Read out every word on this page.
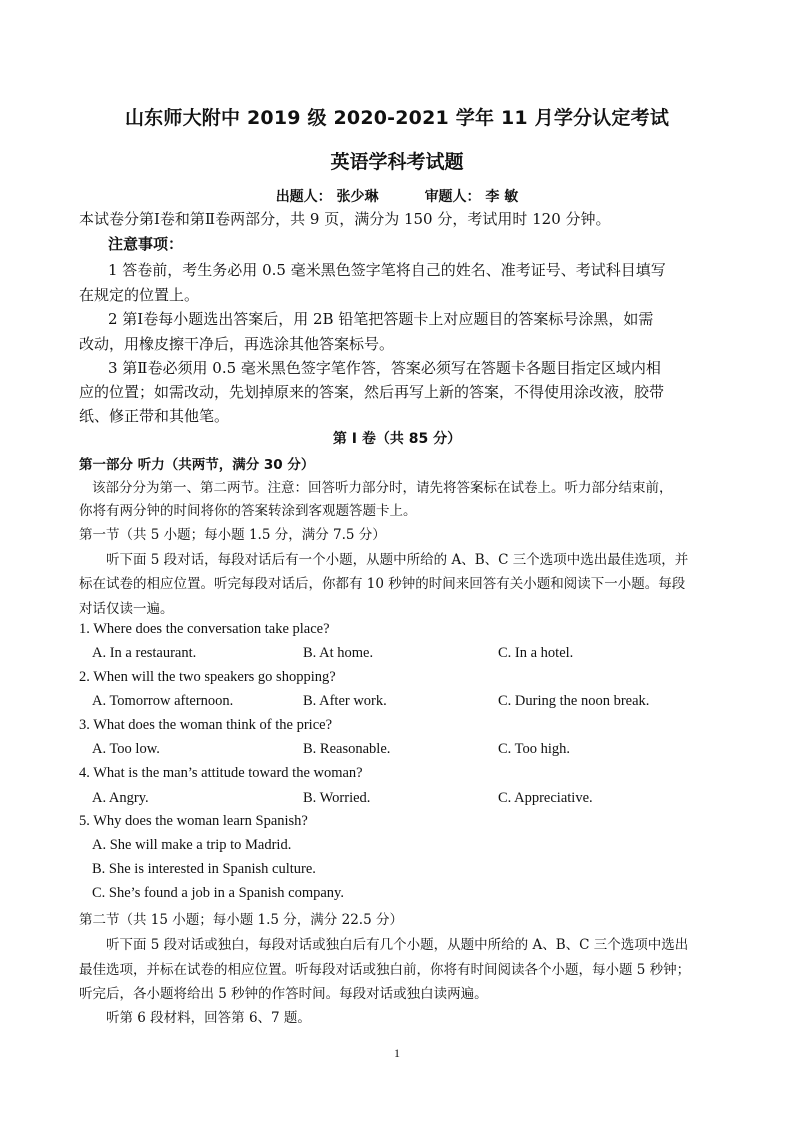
山东师大附中 2019 级 2020-2021 学年 11 月学分认定考试
英语学科考试题
出题人： 张少琳	审题人： 李 敏
本试卷分第Ⅰ卷和第Ⅱ卷两部分，共 9 页，满分为 150 分，考试用时 120 分钟。
注意事项：
1 答卷前，考生务必用 0.5 毫米黑色签字笔将自己的姓名、准考证号、考试科目填写
在规定的位置上。
2 第Ⅰ卷每小题选出答案后，用 2B 铅笔把答题卡上对应题目的答案标号涂黑，如需
改动，用橡皮擦干净后，再选涂其他答案标号。
3 第Ⅱ卷必须用 0.5 毫米黑色签字笔作答，答案必须写在答题卡各题目指定区域内相
应的位置；如需改动，先划掉原来的答案，然后再写上新的答案，不得使用涂改液，胶带
纸、修正带和其他笔。
第 I 卷（共 85 分）
第一部分 听力（共两节，满分 30 分）
该部分分为第一、第二两节。注意：回答听力部分时，请先将答案标在试卷上。听力部分结束前，
你将有两分钟的时间将你的答案转涂到客观题答题卡上。
第一节（共 5 小题；每小题 1.5 分，满分 7.5 分）
听下面 5 段对话，每段对话后有一个小题，从题中所给的 A、B、C 三个选项中选出最佳选项，并
标在试卷的相应位置。听完每段对话后，你都有 10 秒钟的时间来回答有关小题和阅读下一小题。每段
对话仅读一遍。
1. Where does the conversation take place?
A. In a restaurant.	B. At home.	C. In a hotel.
2. When will the two speakers go shopping?
A. Tomorrow afternoon.	B. After work.	C. During the noon break.
3. What does the woman think of the price?
A. Too low.	B. Reasonable.	C. Too high.
4. What is the man’s attitude toward the woman?
A. Angry.	B. Worried.	C. Appreciative.
5. Why does the woman learn Spanish?
A. She will make a trip to Madrid.
B. She is interested in Spanish culture.
C. She’s found a job in a Spanish company.
第二节（共 15 小题；每小题 1.5 分，满分 22.5 分）
听下面 5 段对话或独白，每段对话或独白后有几个小题，从题中所给的 A、B、C 三个选项中选出
最佳选项，并标在试卷的相应位置。听每段对话或独白前，你将有时间阅读各个小题，每小题 5 秒钟；
听完后，各小题将给出 5 秒钟的作答时间。每段对话或独白读两遍。
听第 6 段材料，回答第 6、7 题。
1
